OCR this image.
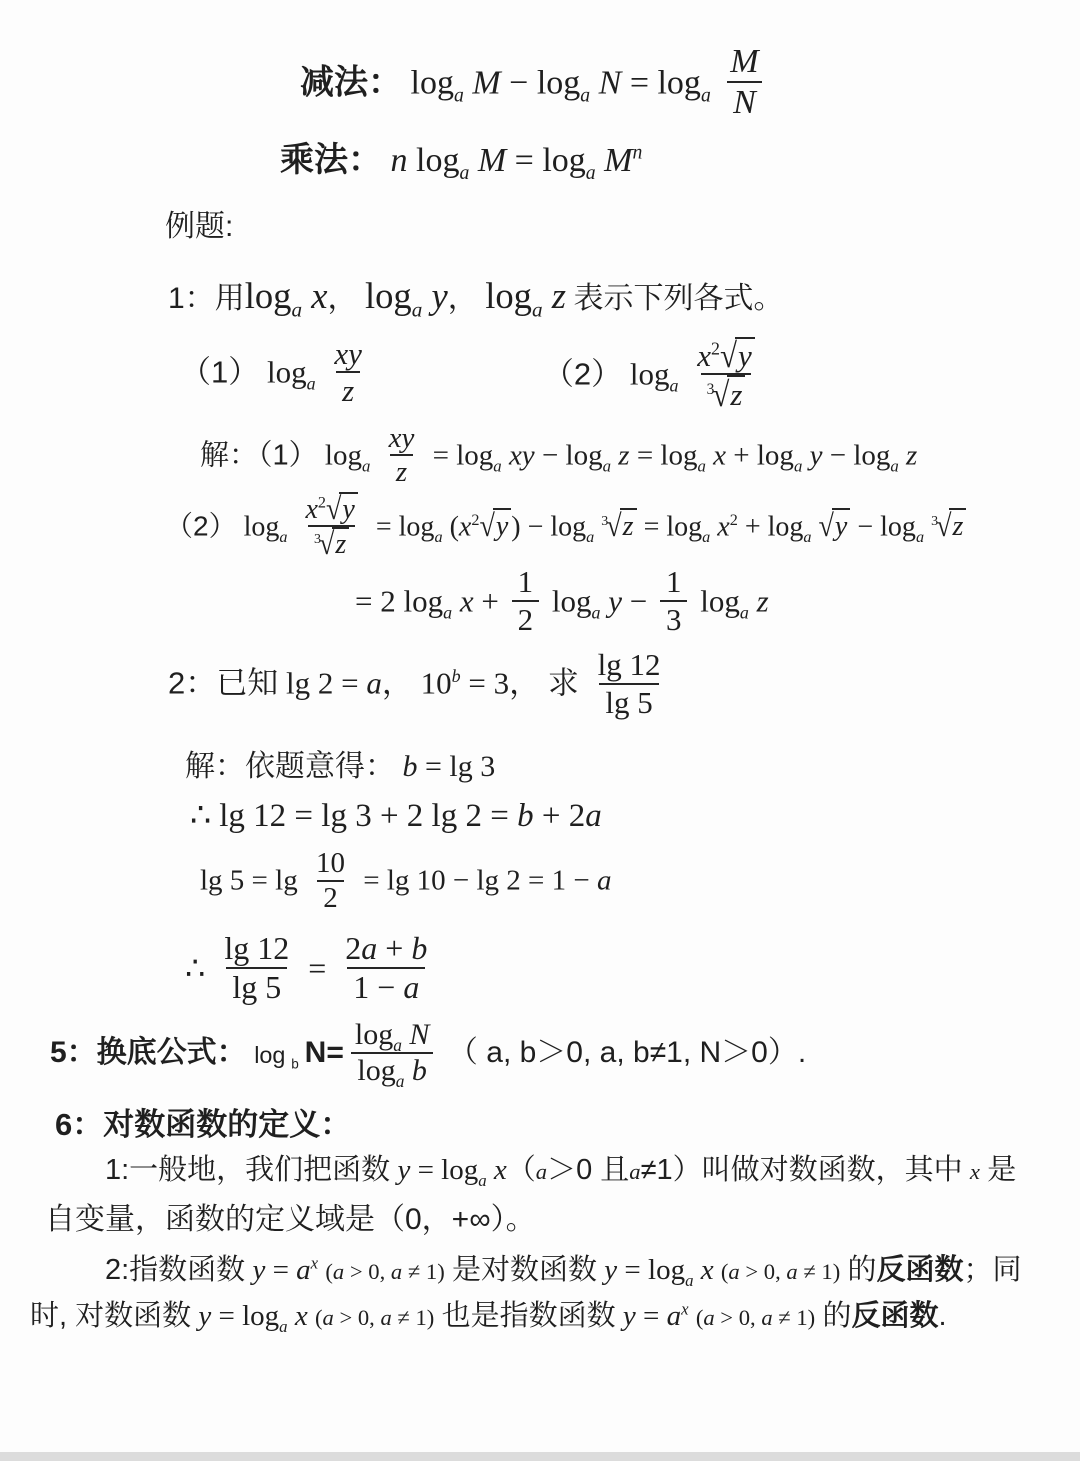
减法： $\log_a M - \log_a N = \log_a \frac{M}{N}$
乘法： n $\log_a M = \log_a M^n$
例题:
1：用$\log_a x$， $\log_a y$， $\log_a z$ 表示下列各式。
（1） $\log_a \frac{xy}{z}$	（2） $\log_a \frac{x^2√y}{^3√z}$
解：（1） $\log_a \frac{xy}{z} = \log_a$ xy − $\log_a z = \log_a x + \log_a y - \log_a z$
（2） $\log_a \frac{x^2√y}{^3√z} = \log_a (x^2√y$ ) − $\log_a ^3√z = \log_a x^2 + \log_a √y - \log_a ^3√z$
= 2 $\log_a x + \frac{1}{2} \log_a y - \frac{1}{3} \log_a z$
2：已知 lg 2 = a， $10^b = 3$， 求 $\frac{\lg 12}{\lg 5}$
解：依题意得： b = lg 3
∴ lg 12 = lg 3 + 2 lg 2 = b + 2a
$\lg 5 = \lg \frac{10}{2} = \lg 10 - \lg 2 = 1 - a$
∴ $\frac{\lg 12}{\lg 5} = \frac{2a + b}{1 - a}$
5：换底公式： log $_b$ $N= \frac{\log_a N}{\log_a b}$ （ a, b＞0, a, b≠1, N＞0）.
6：对数函数的定义：
1:一般地，我们把函数 $y = \log_a x(a>0$ 且a≠1）叫做对数函数，其中 x 是
自变量，函数的定义域是（0，+∞）。
2:指数函数 $y = a^x$ (a > 0, a ≠ 1) 是对数函数 $y = \log_a x$ (a > 0, a ≠ 1) 的反函数；同
时, 对数函数 $y = \log_a x$ (a > 0, a ≠ 1) 也是指数函数 $y = a^x$ (a > 0, a ≠ 1) 的反函数.
